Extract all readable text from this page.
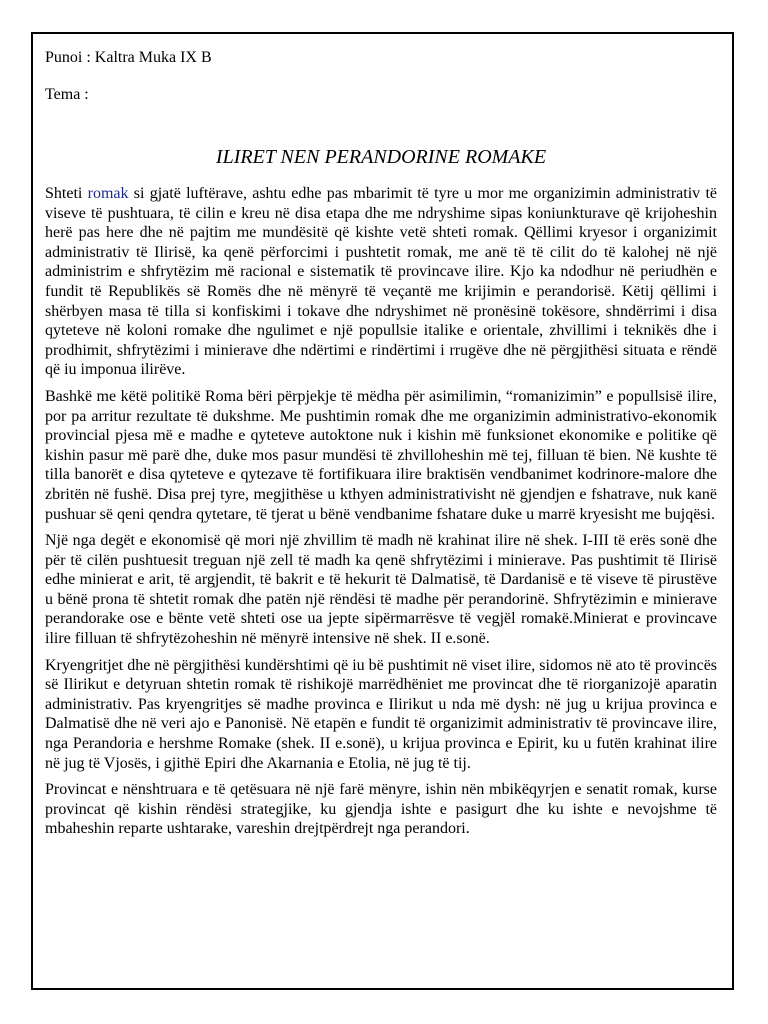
Punoi : Kaltra Muka IX B

Tema :

ILIRET NEN PERANDORINE ROMAKE

Shteti romak si gjatë luftërave, ashtu edhe pas mbarimit të tyre u mor me organizimin administrativ të viseve të pushtuara, të cilin e kreu në disa etapa dhe me ndryshime sipas koniunkturave që krijoheshin herë pas here dhe në pajtim me mundësitë që kishte vetë shteti romak. Qëllimi kryesor i organizimit administrativ të Ilirisë, ka qenë përforcimi i pushtetit romak, me anë të të cilit do të kalohej në një administrim e shfrytëzim më racional e sistematik të provincave ilire. Kjo ka ndodhur në periudhën e fundit të Republikës së Romës dhe në mënyrë të veçantë me krijimin e perandorisë. Këtij qëllimi i shërbyen masa të tilla si konfiskimi i tokave dhe ndryshimet në pronësinë tokësore, shndërrimi i disa qyteteve në koloni romake dhe ngulimet e një popullsie italike e orientale, zhvillimi i teknikës dhe i prodhimit, shfrytëzimi i minierave dhe ndërtimi e rindërtimi i rrugëve dhe në përgjithësi situata e rëndë që iu imponua ilirëve.

Bashkë me këtë politikë Roma bëri përpjekje të mëdha për asimilimin, “romanizimin” e popullsisë ilire, por pa arritur rezultate të dukshme. Me pushtimin romak dhe me organizimin administrativo-ekonomik provincial pjesa më e madhe e qyteteve autoktone nuk i kishin më funksionet ekonomike e politike që kishin pasur më parë dhe, duke mos pasur mundësi të zhvilloheshin më tej, filluan të bien. Në kushte të tilla banorët e disa qyteteve e qytezave të fortifikuara ilire braktisën vendbanimet kodrinore-malore dhe zbritën në fushë. Disa prej tyre, megjithëse u kthyen administrativisht në gjendjen e fshatrave, nuk kanë pushuar së qeni qendra qytetare, të tjerat u bënë vendbanime fshatare duke u marrë kryesisht me bujqësi.

Një nga degët e ekonomisë që mori një zhvillim të madh në krahinat ilire në shek. I-III të erës sonë dhe për të cilën pushtuesit treguan një zell të madh ka qenë shfrytëzimi i minierave. Pas pushtimit të Ilirisë edhe minierat e arit, të argjendit, të bakrit e të hekurit të Dalmatisë, të Dardanisë e të viseve të pirustëve u bënë prona të shtetit romak dhe patën një rëndësi të madhe për perandorinë. Shfrytëzimin e minierave perandorake ose e bënte vetë shteti ose ua jepte sipërmarrësve të vegjël romakë.Minierat e provincave ilire filluan të shfrytëzoheshin në mënyrë intensive në shek. II e.sonë.

Kryengritjet dhe në përgjithësi kundërshtimi që iu bë pushtimit në viset ilire, sidomos në ato të provincës së Ilirikut e detyruan shtetin romak të rishikojë marrëdhëniet me provincat dhe të riorganizojë aparatin administrativ. Pas kryengritjes së madhe provinca e Ilirikut u nda më dysh: në jug u krijua provinca e Dalmatisë dhe në veri ajo e Panonisë. Në etapën e fundit të organizimit administrativ të provincave ilire, nga Perandoria e hershme Romake (shek. II e.sonë), u krijua provinca e Epirit, ku u futën krahinat ilire në jug të Vjosës, i gjithë Epiri dhe Akarnania e Etolia, në jug të tij.

Provincat e nënshtruara e të qetësuara në një farë mënyre, ishin nën mbikëqyrjen e senatit romak, kurse provincat që kishin rëndësi strategjike, ku gjendja ishte e pasigurt dhe ku ishte e nevojshme të mbaheshin reparte ushtarake, vareshin drejtpërdrejt nga perandori.
